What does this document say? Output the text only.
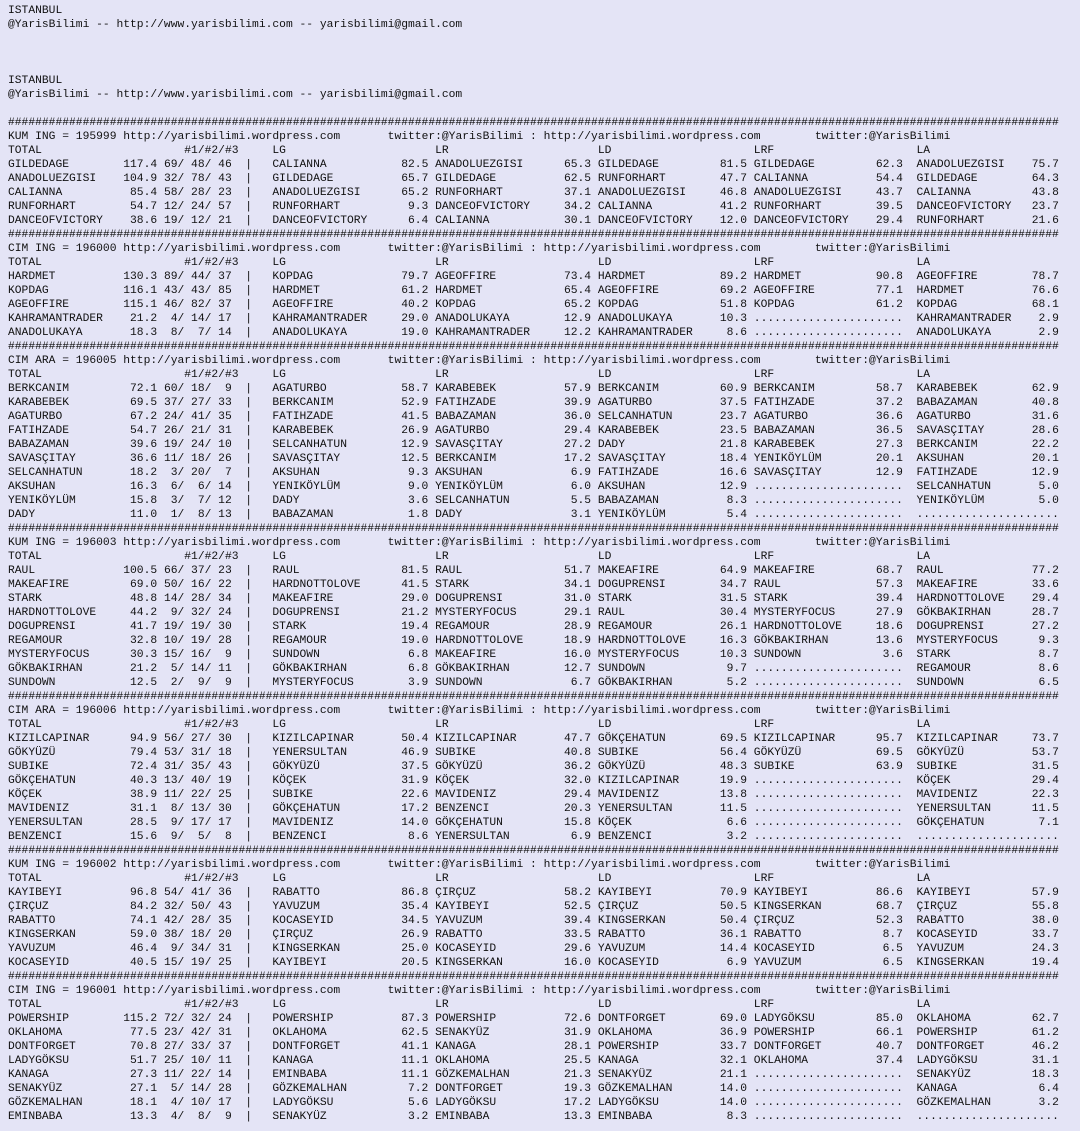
ISTANBUL
@YarisBilimi -- http://www.yarisbilimi.com -- yarisbilimi@gmail.com
ISTANBUL
@YarisBilimi -- http://www.yarisbilimi.com -- yarisbilimi@gmail.com
###########################################################################################################################################################
KUM ING = 195999 http://yarisbilimi.wordpress.com	twitter:@YarisBilimi : http://yarisbilimi.wordpress.com	twitter:@YarisBilimi
TOTAL	#1/#2/#3	LG	LR	LD	LRF	LA
GILDEDAGE	117.4 69/ 48/ 46 | CALIANNA	82.5 ANADOLUEZGISI	65.3 GILDEDAGE	81.5 GILDEDAGE	62.3 ANADOLUEZGISI	75.7
ANADOLUEZGISI	104.9 32/ 78/ 43 | GILDEDAGE	65.7 GILDEDAGE	62.5 RUNFORHART	47.7 CALIANNA	54.4 GILDEDAGE	64.3
CALIANNA	85.4 58/ 28/ 23 | ANADOLUEZGISI	65.2 RUNFORHART	37.1 ANADOLUEZGISI	46.8 ANADOLUEZGISI	43.7 CALIANNA	43.8
RUNFORHART	54.7 12/ 24/ 57 | RUNFORHART	9.3 DANCEOFVICTORY	34.2 CALIANNA	41.2 RUNFORHART	39.5 DANCEOFVICTORY	23.7
DANCEOFVICTORY	38.6 19/ 12/ 21 | DANCEOFVICTORY	6.4 CALIANNA	30.1 DANCEOFVICTORY	12.0 DANCEOFVICTORY	29.4 RUNFORHART	21.6
###########################################################################################################################################################
CIM ING = 196000 http://yarisbilimi.wordpress.com	twitter:@YarisBilimi : http://yarisbilimi.wordpress.com	twitter:@YarisBilimi
TOTAL	#1/#2/#3	LG	LR	LD	LRF	LA
HARDMET	130.3 89/ 44/ 37 | KOPDAG	79.7 AGEOFFIRE	73.4 HARDMET	89.2 HARDMET	90.8 AGEOFFIRE	78.7
KOPDAG	116.1 43/ 43/ 85 | HARDMET	61.2 HARDMET	65.4 AGEOFFIRE	69.2 AGEOFFIRE	77.1 HARDMET	76.6
AGEOFFIRE	115.1 46/ 82/ 37 | AGEOFFIRE	40.2 KOPDAG	65.2 KOPDAG	51.8 KOPDAG	61.2 KOPDAG	68.1
KAHRAMANTRADER	21.2 4/ 14/ 17 | KAHRAMANTRADER	29.0 ANADOLUKAYA	12.9 ANADOLUKAYA	10.3 ...................... KAHRAMANTRADER	2.9
ANADOLUKAYA	18.3 8/  7/ 14 | ANADOLUKAYA	19.0 KAHRAMANTRADER	12.2 KAHRAMANTRADER	8.6 ...................... ANADOLUKAYA	2.9
###########################################################################################################################################################
CIM ARA = 196005 http://yarisbilimi.wordpress.com	twitter:@YarisBilimi : http://yarisbilimi.wordpress.com	twitter:@YarisBilimi
TOTAL	#1/#2/#3	LG	LR	LD	LRF	LA
BERKCANIM	72.1 60/ 18/  9 | AGATURBO	58.7 KARABEBEK	57.9 BERKCANIM	60.9 BERKCANIM	58.7 KARABEBEK	62.9
KARABEBEK	69.5 37/ 27/ 33 | BERKCANIM	52.9 FATIHZADE	39.9 AGATURBO	37.5 FATIHZADE	37.2 BABAZAMAN	40.8
AGATURBO	67.2 24/ 41/ 35 | FATIHZADE	41.5 BABAZAMAN	36.0 SELCANHATUN	23.7 AGATURBO	36.6 AGATURBO	31.6
FATIHZADE	54.7 26/ 21/ 31 | KARABEBEK	26.9 AGATURBO	29.4 KARABEBEK	23.5 BABAZAMAN	36.5 SAVASÇITAY	28.6
BABAZAMAN	39.6 19/ 24/ 10 | SELCANHATUN	12.9 SAVASÇITAY	27.2 DADY	21.8 KARABEBEK	27.3 BERKCANIM	22.2
SAVASÇITAY	36.6 11/ 18/ 26 | SAVASÇITAY	12.5 BERKCANIM	17.2 SAVASÇITAY	18.4 YENIKÖYLÜM	20.1 AKSUHAN	20.1
SELCANHATUN	18.2 3/ 20/  7 | AKSUHAN	9.3 AKSUHAN	6.9 FATIHZADE	16.6 SAVASÇITAY	12.9 FATIHZADE	12.9
AKSUHAN	16.3 6/  6/ 14 | YENIKÖYLÜM	9.0 YENIKÖYLÜM	6.0 AKSUHAN	12.9 ...................... SELCANHATUN	5.0
YENIKÖYLÜM	15.8 3/  7/ 12 | DADY	3.6 SELCANHATUN	5.5 BABAZAMAN	8.3 ...................... YENIKÖYLÜM	5.0
DADY	11.0 1/  8/ 13 | BABAZAMAN	1.8 DADY	3.1 YENIKÖYLÜM	5.4 ...................... .....................
###########################################################################################################################################################
KUM ING = 196003 http://yarisbilimi.wordpress.com	twitter:@YarisBilimi : http://yarisbilimi.wordpress.com	twitter:@YarisBilimi
TOTAL	#1/#2/#3	LG	LR	LD	LRF	LA
RAUL	100.5 66/ 37/ 23 | RAUL	81.5 RAUL	51.7 MAKEAFIRE	64.9 MAKEAFIRE	68.7 RAUL	77.2
MAKEAFIRE	69.0 50/ 16/ 22 | HARDNOTTOLOVE	41.5 STARK	34.1 DOGUPRENSI	34.7 RAUL	57.3 MAKEAFIRE	33.6
STARK	48.8 14/ 28/ 34 | MAKEAFIRE	29.0 DOGUPRENSI	31.0 STARK	31.5 STARK	39.4 HARDNOTTOLOVE	29.4
HARDNOTTOLOVE	44.2 9/ 32/ 24 | DOGUPRENSI	21.2 MYSTERYFOCUS	29.1 RAUL	30.4 MYSTERYFOCUS	27.9 GÖKBAKIRHAN	28.7
DOGUPRENSI	41.7 19/ 19/ 30 | STARK	19.4 REGAMOUR	28.9 REGAMOUR	26.1 HARDNOTTOLOVE	18.6 DOGUPRENSI	27.2
REGAMOUR	32.8 10/ 19/ 28 | REGAMOUR	19.0 HARDNOTTOLOVE	18.9 HARDNOTTOLOVE	16.3 GÖKBAKIRHAN	13.6 MYSTERYFOCUS	9.3
MYSTERYFOCUS	30.3 15/ 16/  9 | SUNDOWN	6.8 MAKEAFIRE	16.0 MYSTERYFOCUS	10.3 SUNDOWN	3.6 STARK	8.7
GÖKBAKIRHAN	21.2 5/ 14/ 11 | GÖKBAKIRHAN	6.8 GÖKBAKIRHAN	12.7 SUNDOWN	9.7 ...................... REGAMOUR	8.6
SUNDOWN	12.5 2/  9/  9 | MYSTERYFOCUS	3.9 SUNDOWN	6.7 GÖKBAKIRHAN	5.2 ...................... SUNDOWN	6.5
###########################################################################################################################################################
CIM ARA = 196006 http://yarisbilimi.wordpress.com	twitter:@YarisBilimi : http://yarisbilimi.wordpress.com	twitter:@YarisBilimi
TOTAL	#1/#2/#3	LG	LR	LD	LRF	LA
KIZILCAPINAR	94.9 56/ 27/ 30 | KIZILCAPINAR	50.4 KIZILCAPINAR	47.7 GÖKÇEHATUN	69.5 KIZILCAPINAR	95.7 KIZILCAPINAR	73.7
GÖKYÜZÜ	79.4 53/ 31/ 18 | YENERSULTAN	46.9 SUBIKE	40.8 SUBIKE	56.4 GÖKYÜZÜ	69.5 GÖKYÜZÜ	53.7
SUBIKE	72.4 31/ 35/ 43 | GÖKYÜZÜ	37.5 GÖKYÜZÜ	36.2 GÖKYÜZÜ	48.3 SUBIKE	63.9 SUBIKE	31.5
GÖKÇEHATUN	40.3 13/ 40/ 19 | KÖÇEK	31.9 KÖÇEK	32.0 KIZILCAPINAR	19.9 ...................... KÖÇEK	29.4
KÖÇEK	38.9 11/ 22/ 25 | SUBIKE	22.6 MAVIDENIZ	29.4 MAVIDENIZ	13.8 ...................... MAVIDENIZ	22.3
MAVIDENIZ	31.1 8/ 13/ 30 | GÖKÇEHATUN	17.2 BENZENCI	20.3 YENERSULTAN	11.5 ...................... YENERSULTAN	11.5
YENERSULTAN	28.5 9/ 17/ 17 | MAVIDENIZ	14.0 GÖKÇEHATUN	15.8 KÖÇEK	6.6 ...................... GÖKÇEHATUN	7.1
BENZENCI	15.6 9/  5/  8 | BENZENCI	8.6 YENERSULTAN	6.9 BENZENCI	3.2 ...................... .....................
###########################################################################################################################################################
KUM ING = 196002 http://yarisbilimi.wordpress.com	twitter:@YarisBilimi : http://yarisbilimi.wordpress.com	twitter:@YarisBilimi
TOTAL	#1/#2/#3	LG	LR	LD	LRF	LA
KAYIBEYI	96.8 54/ 41/ 36 | RABATTO	86.8 ÇIRÇUZ	58.2 KAYIBEYI	70.9 KAYIBEYI	86.6 KAYIBEYI	57.9
ÇIRÇUZ	84.2 32/ 50/ 43 | YAVUZUM	35.4 KAYIBEYI	52.5 ÇIRÇUZ	50.5 KINGSERKAN	68.7 ÇIRÇUZ	55.8
RABATTO	74.1 42/ 28/ 35 | KOCASEYID	34.5 YAVUZUM	39.4 KINGSERKAN	50.4 ÇIRÇUZ	52.3 RABATTO	38.0
KINGSERKAN	59.0 38/ 18/ 20 | ÇIRÇUZ	26.9 RABATTO	33.5 RABATTO	36.1 RABATTO	8.7 KOCASEYID	33.7
YAVUZUM	46.4 9/ 34/ 31 | KINGSERKAN	25.0 KOCASEYID	29.6 YAVUZUM	14.4 KOCASEYID	6.5 YAVUZUM	24.3
KOCASEYID	40.5 15/ 19/ 25 | KAYIBEYI	20.5 KINGSERKAN	16.0 KOCASEYID	6.9 YAVUZUM	6.5 KINGSERKAN	19.4
###########################################################################################################################################################
CIM ING = 196001 http://yarisbilimi.wordpress.com	twitter:@YarisBilimi : http://yarisbilimi.wordpress.com	twitter:@YarisBilimi
TOTAL	#1/#2/#3	LG	LR	LD	LRF	LA
POWERSHIP	115.2 72/ 32/ 24 | POWERSHIP	87.3 POWERSHIP	72.6 DONTFORGET	69.0 LADYGÖKSU	85.0 OKLAHOMA	62.7
OKLAHOMA	77.5 23/ 42/ 31 | OKLAHOMA	62.5 SENAKYÜZ	31.9 OKLAHOMA	36.9 POWERSHIP	66.1 POWERSHIP	61.2
DONTFORGET	70.8 27/ 33/ 37 | DONTFORGET	41.1 KANAGA	28.1 POWERSHIP	33.7 DONTFORGET	40.7 DONTFORGET	46.2
LADYGÖKSU	51.7 25/ 10/ 11 | KANAGA	11.1 OKLAHOMA	25.5 KANAGA	32.1 OKLAHOMA	37.4 LADYGÖKSU	31.1
KANAGA	27.3 11/ 22/ 14 | EMINBABA	11.1 GÖZKEMALHAN	21.3 SENAKYÜZ	21.1 ...................... SENAKYÜZ	18.3
SENAKYÜZ	27.1 5/ 14/ 28 | GÖZKEMALHAN	7.2 DONTFORGET	19.3 GÖZKEMALHAN	14.0 ...................... KANAGA	6.4
GÖZKEMALHAN	18.1 4/ 10/ 17 | LADYGÖKSU	5.6 LADYGÖKSU	17.2 LADYGÖKSU	14.0 ...................... GÖZKEMALHAN	3.2
EMINBABA	13.3 4/  8/  9 | SENAKYÜZ	3.2 EMINBABA	13.3 EMINBABA	8.3 ...................... .....................
